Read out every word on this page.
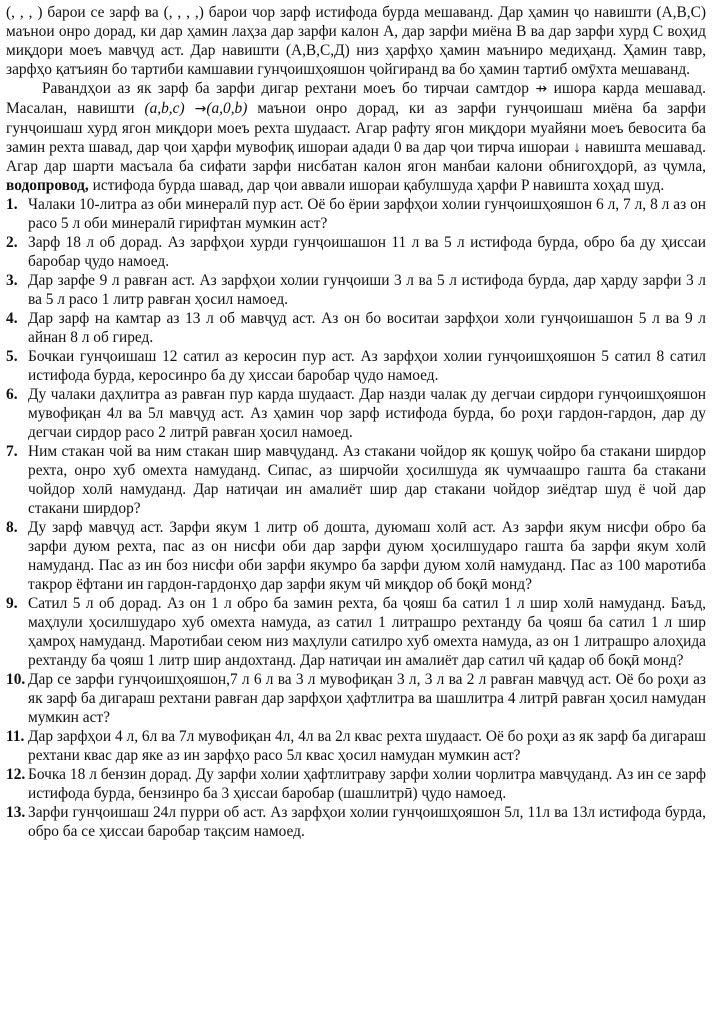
(, , , ) барои се зарф ва (, , , ,) барои чор зарф истифода бурда мешаванд. Дар ҳамин ҷо навишти (A,B,C) маънои онро дорад, ки дар ҳамин лаҳза дар зарфи калон A, дар зарфи миёна B ва дар зарфи хурд C воҳид миқдори моеъ мавҷуд аст. Дар навишти (A,B,C,Д) низ ҳарфҳо ҳамин маънирo медиҳанд. Ҳамин тавр, зарфҳо қатъиян бо тартиби камшавии гунҷоишҳояшон ҷойгиранд ва бо ҳамин тартиб омӯхта мешаванд.

Равандҳои аз як зарф ба зарфи дигар рехтани моеъ бо тирчаи самтдор ⇸ ишора карда мешавад. Масалан, навишти (a,b,c) →(a,0,b) маънои онро дорад, ки аз зарфи гунҷоишаш миёна ба зарфи гунҷоишаш хурд ягон миқдори моеъ рехта шудааст. Агар рафту ягон миқдори муайяни моеъ бевосита ба замин рехта шавад, дар ҷои ҳарфи мувофиқ ишораи адади 0 ва дар ҷои тирча ишораи ↓ навишта мешавад. Агар дар шарти масъала ба сифати зарфи нисбатан калон ягон манбаи калони обнигоҳдорӣ, аз ҷумла, водопровод, истифода бурда шавад, дар ҷои аввали ишораи қабулшуда ҳарфи P навишта хоҳад шуд.

1. Чалаки 10-литра аз оби минералӣ пур аст. Оё бо ёрии зарфҳои холии гунҷоишҳояшон 6 л, 7 л, 8 л аз он расо 5 л оби минералӣ гирифтан мумкин аст?
2. Зарф 18 л об дорад. Аз зарфҳои хурди гунҷоишашон 11 л ва 5 л истифода бурда, обро ба ду ҳиссаи баробар ҷудо намоед.
3. Дар зарфе 9 л равған аст. Аз зарфҳои холии гунҷоиши 3 л ва 5 л истифода бурда, дар ҳарду зарфи 3 л ва 5 л расо 1 литр равған ҳосил намоед.
4. Дар зарф на камтар аз 13 л об мавҷуд аст. Аз он бо воситаи зарфҳои холи гунҷоишашон 5 л ва 9 л айнан 8 л об гиред.
5. Бочкаи гунҷоишаш 12 сатил аз керосин пур аст. Аз зарфҳои холии гунҷоишҳояшон 5 сатил 8 сатил истифода бурда, керосинро ба ду ҳиссаи баробар ҷудо намоед.
6. Ду чалаки даҳлитра аз равған пур карда шудааст. Дар назди чалак ду дегчаи сирдори гунҷоишҳояшон мувофиқан 4л ва 5л мавҷуд аст. Аз ҳамин чор зарф истифода бурда, бо роҳи гардон-гардон, дар ду дегчаи сирдор расо 2 литрӣ равған ҳосил намоед.
7. Ним стакан чой ва ним стакан шир мавҷуданд. Аз стакани чойдор як қошуқ чойро ба стакани ширдор рехта, онро хуб омехта намуданд. Сипас, аз ширчойи ҳосилшуда як чумчаашро гашта ба стакани чойдор холӣ намуданд. Дар натиҷаи ин амалиёт шир дар стакани чойдор зиёдтар шуд ё чой дар стакани ширдор?
8. Ду зарф мавҷуд аст. Зарфи якум 1 литр об дошта, дуюмаш холӣ аст. Аз зарфи якум нисфи обро ба зарфи дуюм рехта, пас аз он нисфи оби дар зарфи дуюм ҳосилшударо гашта ба зарфи якум холӣ намуданд. Пас аз ин боз нисфи оби зарфи якумро ба зарфи дуюм холӣ намуданд. Пас аз 100 маротиба такрор ёфтани ин гардон-гардонҳо дар зарфи якум чӣ миқдор об боқӣ монд?
9. Сатил 5 л об дорад. Аз он 1 л обро ба замин рехта, ба ҷояш ба сатил 1 л шир холӣ намуданд. Баъд, маҳлули ҳосилшударо хуб омехта намуда, аз сатил 1 литрашро рехтанду ба ҷояш ба сатил 1 л шир ҳамроҳ намуданд. Маротибаи сеюм низ маҳлули сатилро хуб омехта намуда, аз он 1 литрашро алоҳида рехтанду ба ҷояш 1 литр шир андохтанд. Дар натиҷаи ин амалиёт дар сатил чӣ қадар об боқӣ монд?
10. Дар се зарфи гунҷоишҳояшон,7 л 6 л ва 3 л мувофиқан 3 л, 3 л ва 2 л равған мавҷуд аст. Оё бо роҳи аз як зарф ба дигараш рехтани равған дар зарфҳои ҳафтлитра ва шашлитра 4 литрӣ равған ҳосил намудан мумкин аст?
11. Дар зарфҳои 4 л, 6л ва 7л мувофиқан 4л, 4л ва 2л квас рехта шудааст. Оё бо роҳи аз як зарф ба дигараш рехтани квас дар яке аз ин зарфҳо расо 5л квас ҳосил намудан мумкин аст?
12. Бочка 18 л бензин дорад. Ду зарфи холии ҳафтлитраву зарфи холии чорлитра мавҷуданд. Аз ин се зарф истифода бурда, бензинро ба 3 ҳиссаи баробар (шашлитрӣ) ҷудо намоед.
13. Зарфи гунҷоишаш 24л пурри об аст. Аз зарфҳои холии гунҷоишҳояшон 5л, 11л ва 13л истифода бурда, обро ба се ҳиссаи баробар тақсим намоед.
